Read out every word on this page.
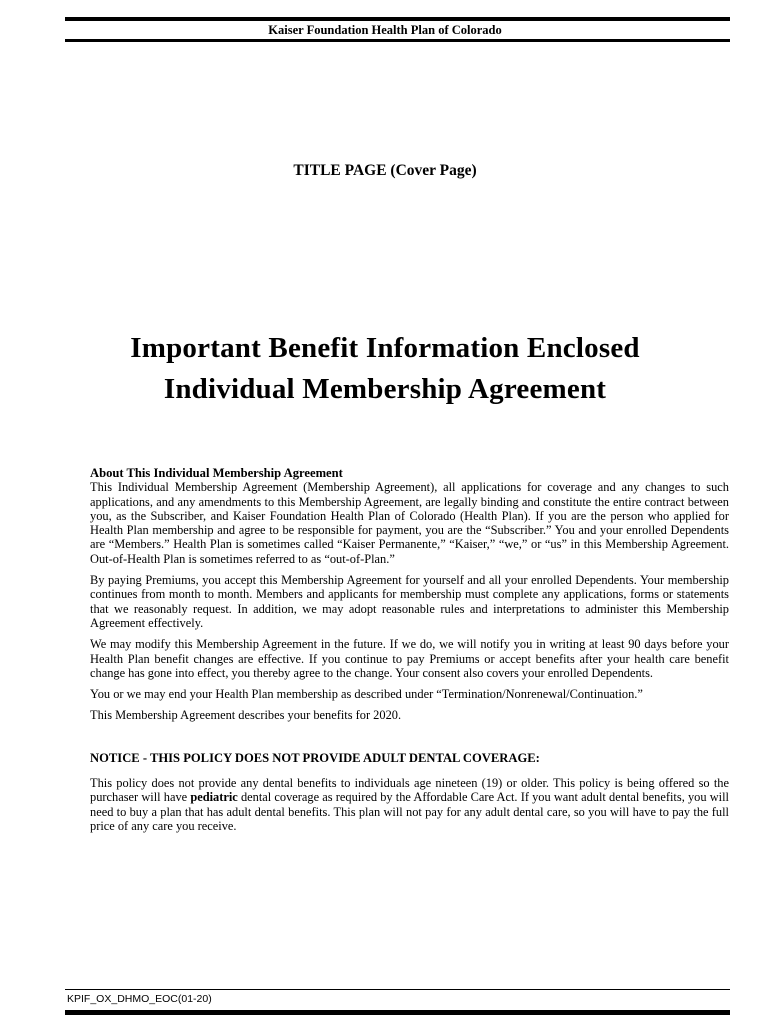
Kaiser Foundation Health Plan of Colorado
TITLE PAGE (Cover Page)
Important Benefit Information Enclosed
Individual Membership Agreement
About This Individual Membership Agreement

This Individual Membership Agreement (Membership Agreement), all applications for coverage and any changes to such applications, and any amendments to this Membership Agreement, are legally binding and constitute the entire contract between you, as the Subscriber, and Kaiser Foundation Health Plan of Colorado (Health Plan). If you are the person who applied for Health Plan membership and agree to be responsible for payment, you are the “Subscriber.” You and your enrolled Dependents are “Members.” Health Plan is sometimes called “Kaiser Permanente,” “Kaiser,” “we,” or “us” in this Membership Agreement. Out-of-Health Plan is sometimes referred to as “out-of-Plan.”

By paying Premiums, you accept this Membership Agreement for yourself and all your enrolled Dependents. Your membership continues from month to month. Members and applicants for membership must complete any applications, forms or statements that we reasonably request. In addition, we may adopt reasonable rules and interpretations to administer this Membership Agreement effectively.

We may modify this Membership Agreement in the future. If we do, we will notify you in writing at least 90 days before your Health Plan benefit changes are effective. If you continue to pay Premiums or accept benefits after your health care benefit change has gone into effect, you thereby agree to the change. Your consent also covers your enrolled Dependents.

You or we may end your Health Plan membership as described under “Termination/Nonrenewal/Continuation.”

This Membership Agreement describes your benefits for 2020.

NOTICE - THIS POLICY DOES NOT PROVIDE ADULT DENTAL COVERAGE:

This policy does not provide any dental benefits to individuals age nineteen (19) or older. This policy is being offered so the purchaser will have pediatric dental coverage as required by the Affordable Care Act. If you want adult dental benefits, you will need to buy a plan that has adult dental benefits. This plan will not pay for any adult dental care, so you will have to pay the full price of any care you receive.

KPIF_OX_DHMO_EOC(01-20)
